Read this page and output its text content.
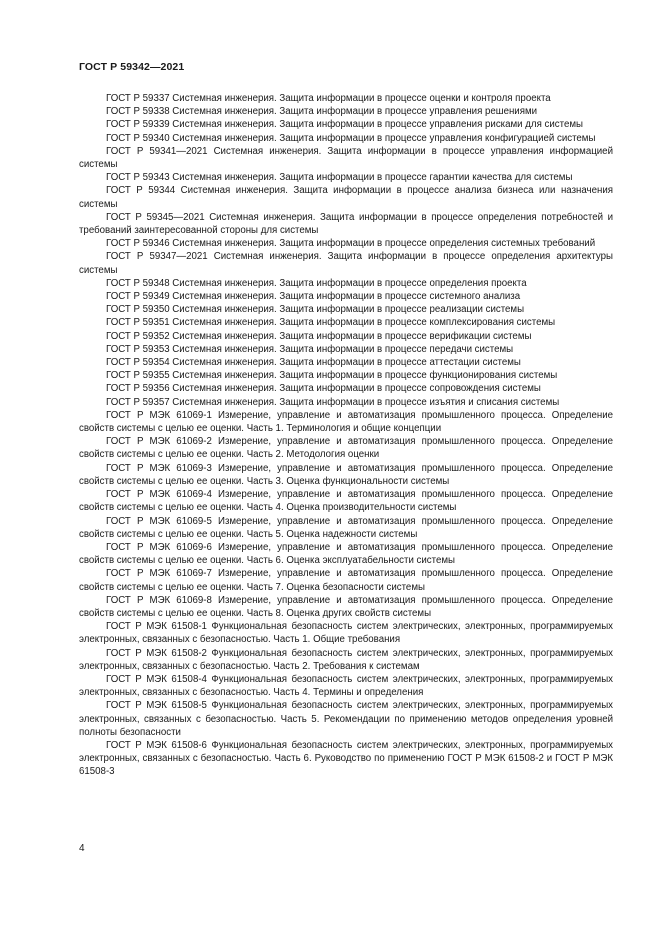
ГОСТ Р 59342—2021

ГОСТ Р 59337 Системная инженерия. Защита информации в процессе оценки и контроля проекта

ГОСТ Р 59338 Системная инженерия. Защита информации в процессе управления решениями

ГОСТ Р 59339 Системная инженерия. Защита информации в процессе управления рисками для системы

ГОСТ Р 59340 Системная инженерия. Защита информации в процессе управления конфигурацией системы

ГОСТ Р 59341—2021 Системная инженерия. Защита информации в процессе управления информацией системы

ГОСТ Р 59343 Системная инженерия. Защита информации в процессе гарантии качества для системы

ГОСТ Р 59344 Системная инженерия. Защита информации в процессе анализа бизнеса или назначения системы

ГОСТ Р 59345—2021 Системная инженерия. Защита информации в процессе определения потребностей и требований заинтересованной стороны для системы

ГОСТ Р 59346 Системная инженерия. Защита информации в процессе определения системных требований

ГОСТ Р 59347—2021 Системная инженерия. Защита информации в процессе определения архитектуры системы

ГОСТ Р 59348 Системная инженерия. Защита информации в процессе определения проекта

ГОСТ Р 59349 Системная инженерия. Защита информации в процессе системного анализа

ГОСТ Р 59350 Системная инженерия. Защита информации в процессе реализации системы

ГОСТ Р 59351 Системная инженерия. Защита информации в процессе комплексирования системы

ГОСТ Р 59352 Системная инженерия. Защита информации в процессе верификации системы

ГОСТ Р 59353 Системная инженерия. Защита информации в процессе передачи системы

ГОСТ Р 59354 Системная инженерия. Защита информации в процессе аттестации системы

ГОСТ Р 59355 Системная инженерия. Защита информации в процессе функционирования системы

ГОСТ Р 59356 Системная инженерия. Защита информации в процессе сопровождения системы

ГОСТ Р 59357 Системная инженерия. Защита информации в процессе изъятия и списания системы

ГОСТ Р МЭК 61069-1 Измерение, управление и автоматизация промышленного процесса. Определение свойств системы с целью ее оценки. Часть 1. Терминология и общие концепции

ГОСТ Р МЭК 61069-2 Измерение, управление и автоматизация промышленного процесса. Определение свойств системы с целью ее оценки. Часть 2. Методология оценки

ГОСТ Р МЭК 61069-3 Измерение, управление и автоматизация промышленного процесса. Определение свойств системы с целью ее оценки. Часть 3. Оценка функциональности системы

ГОСТ Р МЭК 61069-4 Измерение, управление и автоматизация промышленного процесса. Определение свойств системы с целью ее оценки. Часть 4. Оценка производительности системы

ГОСТ Р МЭК 61069-5 Измерение, управление и автоматизация промышленного процесса. Определение свойств системы с целью ее оценки. Часть 5. Оценка надежности системы

ГОСТ Р МЭК 61069-6 Измерение, управление и автоматизация промышленного процесса. Определение свойств системы с целью ее оценки. Часть 6. Оценка эксплуатабельности системы

ГОСТ Р МЭК 61069-7 Измерение, управление и автоматизация промышленного процесса. Определение свойств системы с целью ее оценки. Часть 7. Оценка безопасности системы

ГОСТ Р МЭК 61069-8 Измерение, управление и автоматизация промышленного процесса. Определение свойств системы с целью ее оценки. Часть 8. Оценка других свойств системы

ГОСТ Р МЭК 61508-1 Функциональная безопасность систем электрических, электронных, программируемых электронных, связанных с безопасностью. Часть 1. Общие требования

ГОСТ Р МЭК 61508-2 Функциональная безопасность систем электрических, электронных, программируемых электронных, связанных с безопасностью. Часть 2. Требования к системам

ГОСТ Р МЭК 61508-4 Функциональная безопасность систем электрических, электронных, программируемых электронных, связанных с безопасностью. Часть 4. Термины и определения

ГОСТ Р МЭК 61508-5 Функциональная безопасность систем электрических, электронных, программируемых электронных, связанных с безопасностью. Часть 5. Рекомендации по применению методов определения уровней полноты безопасности

ГОСТ Р МЭК 61508-6 Функциональная безопасность систем электрических, электронных, программируемых электронных, связанных с безопасностью. Часть 6. Руководство по применению ГОСТ Р МЭК 61508-2 и ГОСТ Р МЭК 61508-3

4
